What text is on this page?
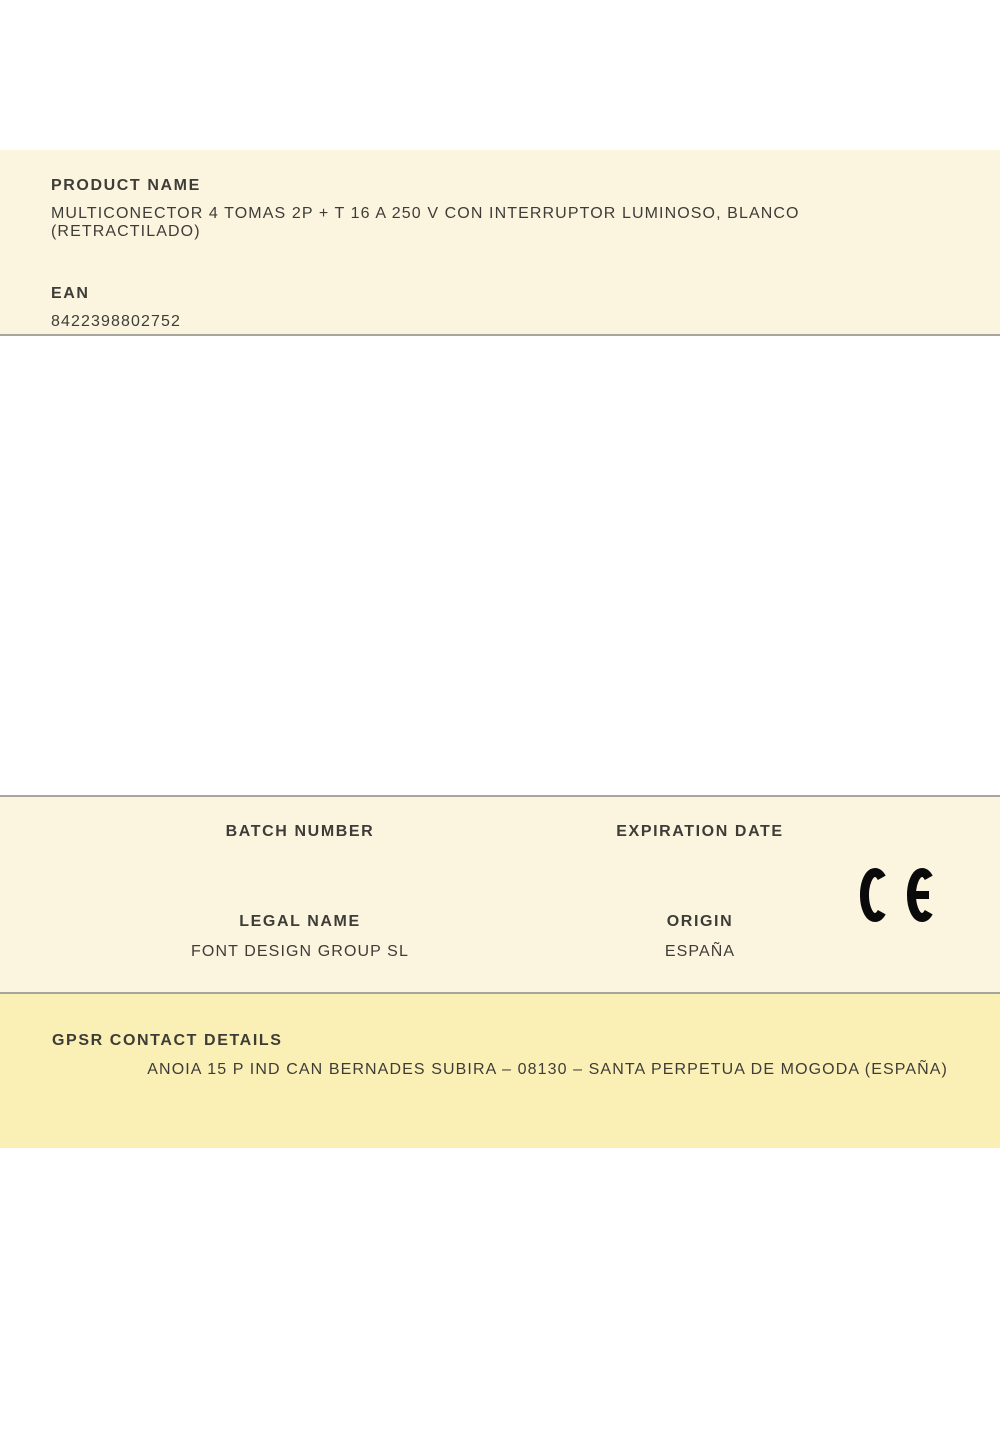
PRODUCT NAME
MULTICONECTOR 4 TOMAS 2P + T 16 A 250 V CON INTERRUPTOR LUMINOSO, BLANCO (RETRACTILADO)
EAN
8422398802752
BATCH NUMBER	EXPIRATION DATE
LEGAL NAME
FONT DESIGN GROUP SL
ORIGIN
ESPAÑA
GPSR CONTACT DETAILS
ANOIA 15 P IND CAN BERNADES SUBIRA – 08130 – SANTA PERPETUA DE MOGODA (ESPAÑA)
